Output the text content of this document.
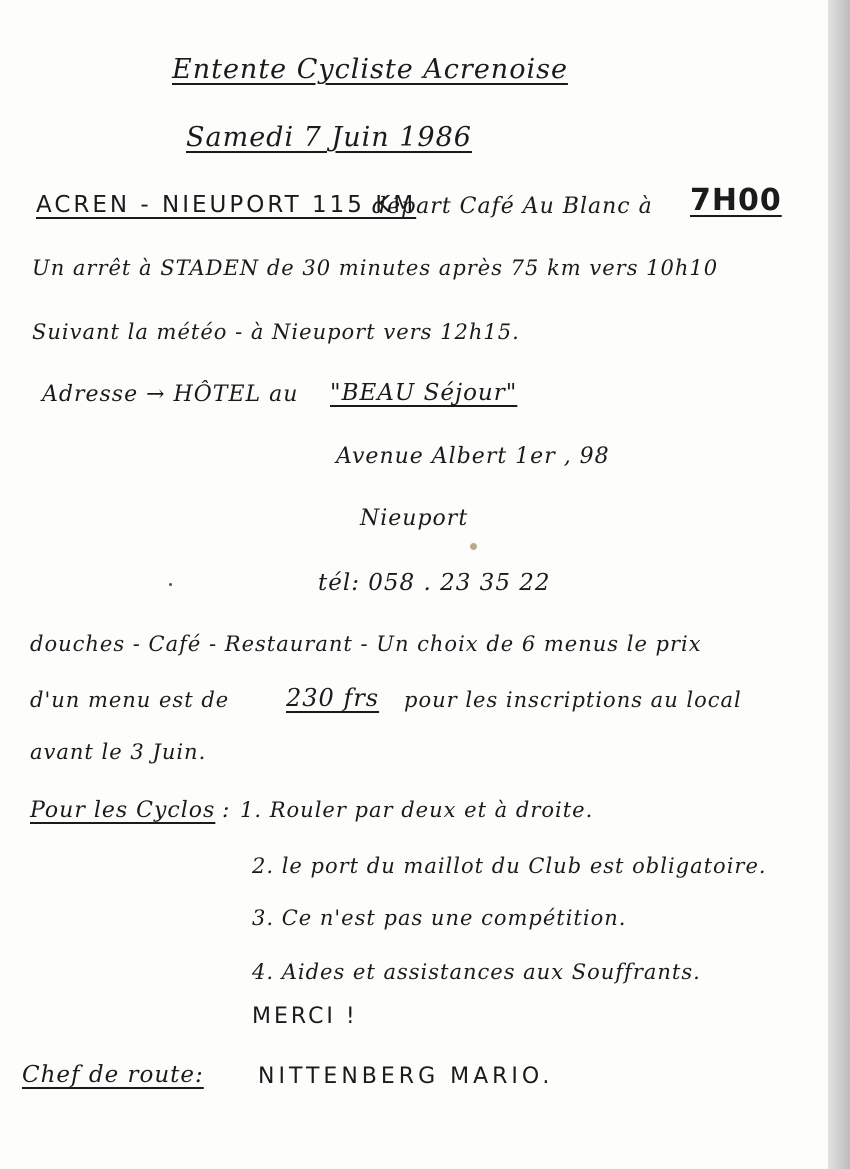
Entente Cycliste Acrenoise
Samedi 7 Juin 1986
ACREN - NIEUPORT 115 KM
départ Café Au Blanc à 7H00
Un arrêt à STADEN de 30 minutes après 75 km vers 10h10
Suivant la météo - à Nieuport vers 12h15.
Adresse → HÔTEL au "BEAU Séjour"
Avenue Albert 1er , 98
Nieuport
tél: 058 . 23 35 22
douches - Café - Restaurant - Un choix de 6 menus le prix
d'un menu est de 230 frs pour les inscriptions au local
avant le 3 Juin.
Pour les Cyclos : 1. Rouler par deux et à droite.
2. le port du maillot du Club est obligatoire.
3. Ce n'est pas une compétition.
4. Aides et assistances aux Souffrants.
MERCI !
Chef de route: NITTENBERG MARIO.
